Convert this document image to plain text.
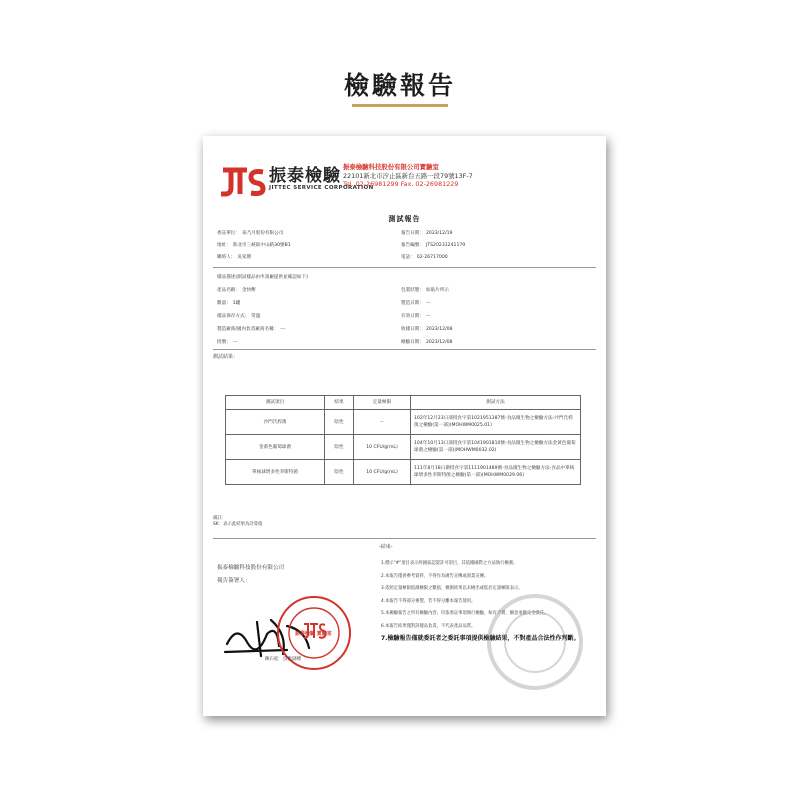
檢驗報告
振泰檢驗
JITTEC SERVICE CORPORATION
振泰檢驗科技股份有限公司實驗室
22101新北市汐止區新台五路一段79號13F-7
Tel. 02-26981299 Fax. 02-26981229
測試報告
委託單位： 泰乃月股份有限公司
地址： 新北市三峽區中山路30號B1
聯絡人： 吳家勝
報告日期： 2023/12/19
報告編號： JTS20231241179
電話： 02-26717000
樣品描述(測試樣品由申請廠提供並確認如下)
產品名稱： 金快嘢
數量： 1罐
樣品保存方式： 常溫
製造廠商/國內負責廠商名稱： ---
批號： ---
包裝狀態： 如貼片所示
製造日期： ---
有效日期： ---
收樣日期： 2023/12/08
檢驗日期： 2023/12/08
測試結果：
測試項目	結果	定量極限	測試方法
沙門氏桿菌	陰性	--	102年12月23日部授食字第1021951387號-食品微生物之檢驗方法-沙門氏桿菌之檢驗(第一部)(MOHWM0025.01)
金黃色葡萄球菌	陰性	10 CFU/g(mL)	104年10月13日部授食字第1041901810號-食品微生物之檢驗方法金黃色葡萄球菌之檢驗(第一部)(MOHWM0032.02)
單核球增多性李斯特菌	陰性	10 CFU/g(mL)	111年8月18日衛授食字第1111901489號-食品微生物之檢驗方法-食品中單核球增多性李斯特菌之檢驗(第一部)(MOHWM0029.06)
備註：
SK：表示此結果為計算值
-結束-
振泰檢驗科技股份有限公司
報告簽署人：
1.標示"#"項目表示經國家認證許可項目，其依據國際之方法執行檢測。
2.本報告僅供參考資料，不得作為廣告宣傳或商業宣傳。
3.依照定量極限值測檢限之數值，檢測結果以未檢出或低於定量極限表示。
4.本報告不得部分複製，若不得分離本報告使用。
5.本檢驗報告之所有檢驗內容，均依委託事項執行檢驗，如有不實，願意承擔完全責任。
6.本報告結果僅對該樣品負責，不代表產品品質。
7.檢驗報告僅就委託者之委託事項提供檢驗結果，不對產品合法性作判斷。
振泰檢驗 實驗室
陳石松　技術副總
